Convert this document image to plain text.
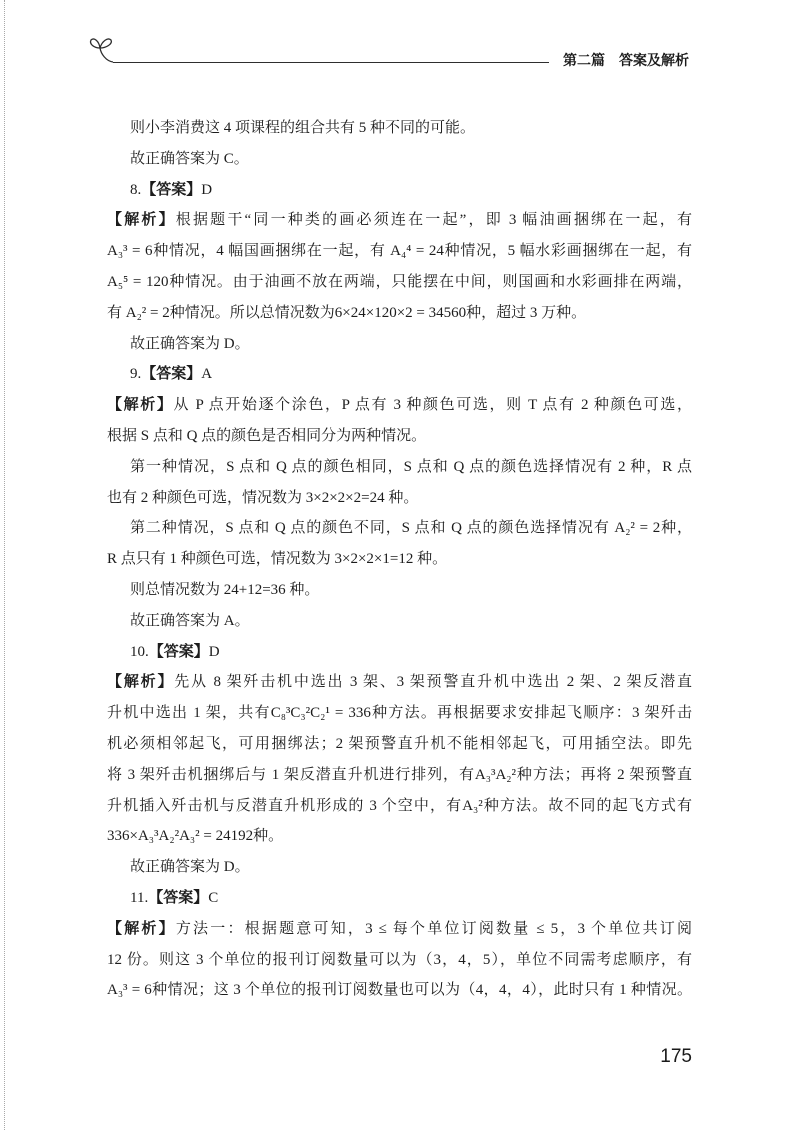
第二篇　答案及解析

则小李消费这 4 项课程的组合共有 5 种不同的可能。

故正确答案为 C。

8.【答案】D

【解析】根据题干“同一种类的画必须连在一起”，即 3 幅油画捆绑在一起，有

A₃³ = 6种情况，4 幅国画捆绑在一起，有 A₄⁴ = 24种情况，5 幅水彩画捆绑在一起，有

A₅⁵ = 120种情况。由于油画不放在两端，只能摆在中间，则国画和水彩画排在两端，

有 A₂² = 2种情况。所以总情况数为6×24×120×2 = 34560种，超过 3 万种。

故正确答案为 D。

9.【答案】A

【解析】从 P 点开始逐个涂色，P 点有 3 种颜色可选，则 T 点有 2 种颜色可选，

根据 S 点和 Q 点的颜色是否相同分为两种情况。

第一种情况，S 点和 Q 点的颜色相同，S 点和 Q 点的颜色选择情况有 2 种，R 点

也有 2 种颜色可选，情况数为 3×2×2×2=24 种。

第二种情况，S 点和 Q 点的颜色不同，S 点和 Q 点的颜色选择情况有 A₂² = 2种，

R 点只有 1 种颜色可选，情况数为 3×2×2×1=12 种。

则总情况数为 24+12=36 种。

故正确答案为 A。

10.【答案】D

【解析】先从 8 架歼击机中选出 3 架、3 架预警直升机中选出 2 架、2 架反潜直

升机中选出 1 架，共有C₈³C₃²C₂¹ = 336种方法。再根据要求安排起飞顺序：3 架歼击

机必须相邻起飞，可用捆绑法；2 架预警直升机不能相邻起飞，可用插空法。即先

将 3 架歼击机捆绑后与 1 架反潜直升机进行排列，有A₃³A₂²种方法；再将 2 架预警直

升机插入歼击机与反潜直升机形成的 3 个空中，有A₃²种方法。故不同的起飞方式有

336×A₃³A₂²A₃² = 24192种。

故正确答案为 D。

11.【答案】C

【解析】方法一：根据题意可知，3 ≤ 每个单位订阅数量 ≤ 5，3 个单位共订阅

12 份。则这 3 个单位的报刊订阅数量可以为（3，4，5），单位不同需考虑顺序，有

A₃³ = 6种情况；这 3 个单位的报刊订阅数量也可以为（4，4，4），此时只有 1 种情况。

175
